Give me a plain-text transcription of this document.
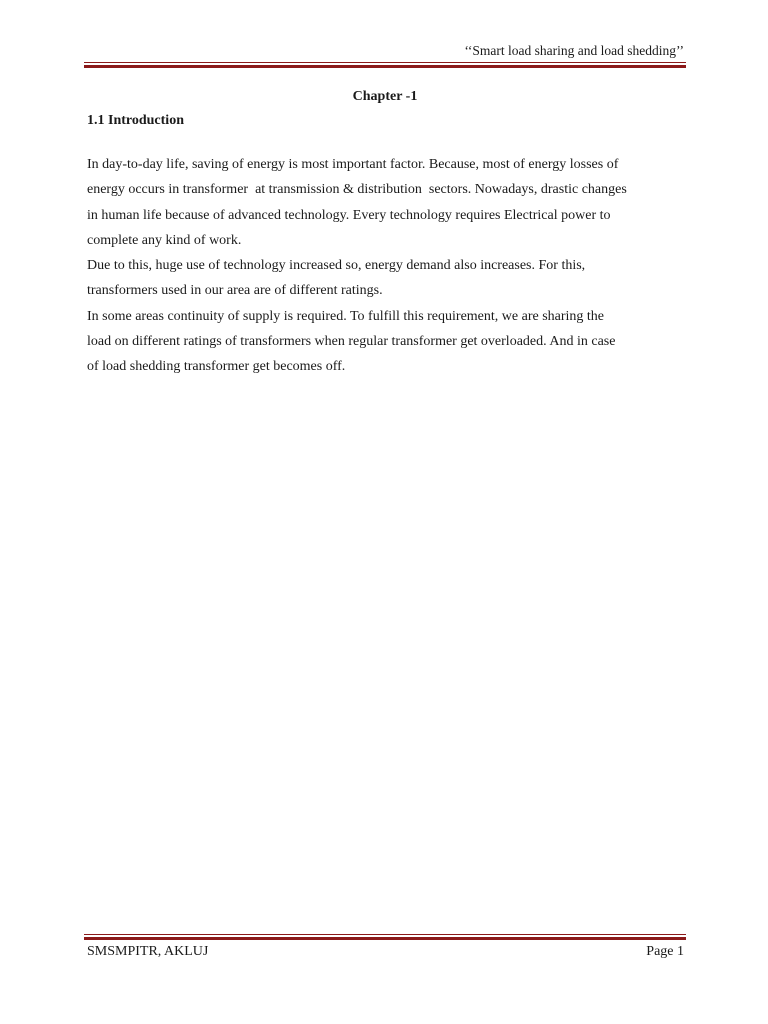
‘‘Smart load sharing and load shedding’’
Chapter -1
1.1 Introduction
In day-to-day life, saving of energy is most important factor. Because, most of energy losses of
energy occurs in transformer  at transmission & distribution  sectors. Nowadays, drastic changes
in human life because of advanced technology. Every technology requires Electrical power to
complete any kind of work.
Due to this, huge use of technology increased so, energy demand also increases. For this,
transformers used in our area are of different ratings.
In some areas continuity of supply is required. To fulfill this requirement, we are sharing the
load on different ratings of transformers when regular transformer get overloaded. And in case
of load shedding transformer get becomes off.
SMSMPITR, AKLUJ	Page 1
